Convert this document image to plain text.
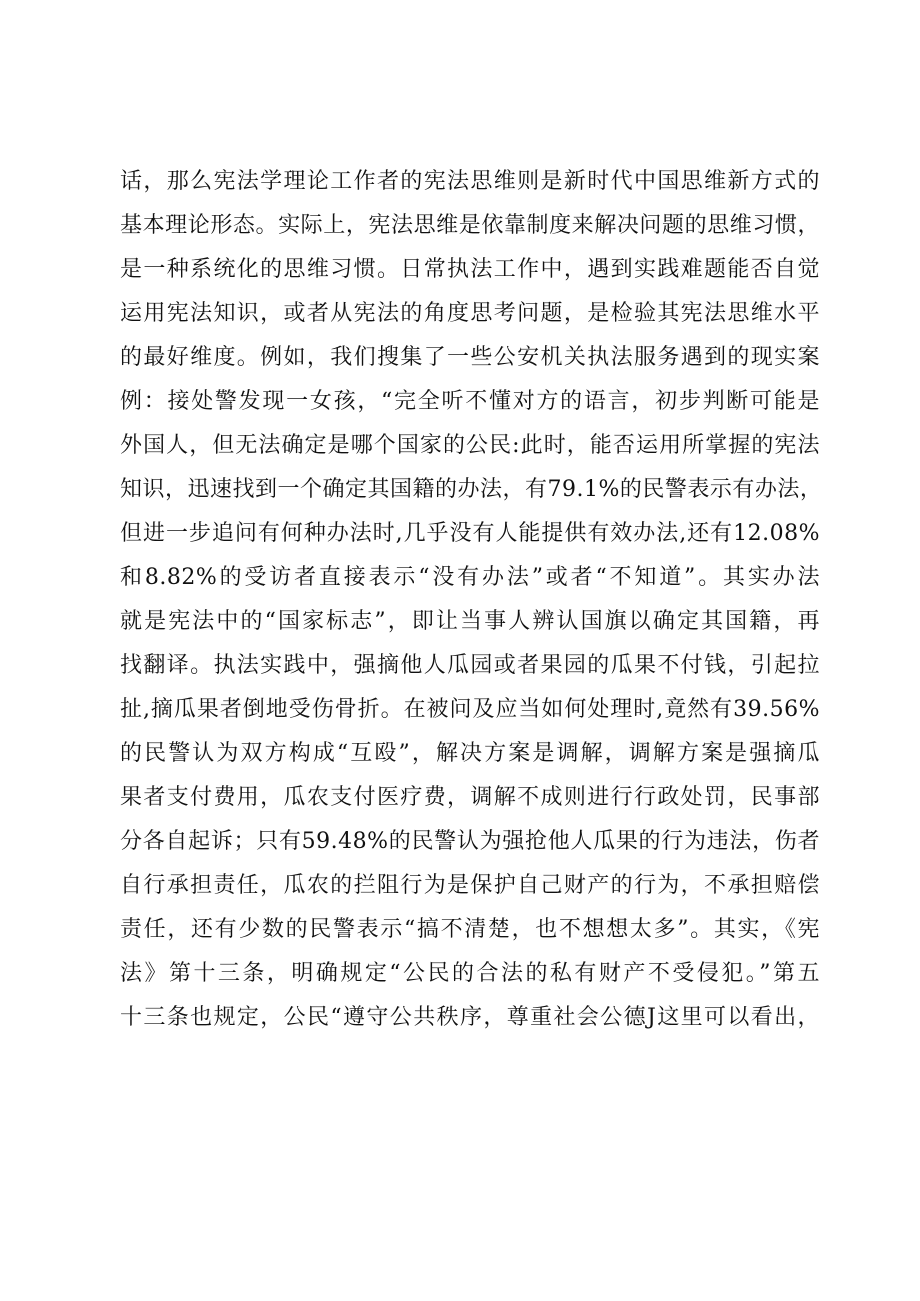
话，那么宪法学理论工作者的宪法思维则是新时代中国思维新方式的
基本理论形态。实际上，宪法思维是依靠制度来解决问题的思维习惯，
是一种系统化的思维习惯。日常执法工作中，遇到实践难题能否自觉
运用宪法知识，或者从宪法的角度思考问题，是检验其宪法思维水平
的最好维度。例如，我们搜集了一些公安机关执法服务遇到的现实案
例：接处警发现一女孩，“完全听不懂对方的语言，初步判断可能是
外国人，但无法确定是哪个国家的公民:此时，能否运用所掌握的宪法
知识，迅速找到一个确定其国籍的办法，有79.1%的民警表示有办法，
但进一步追问有何种办法时,几乎没有人能提供有效办法,还有12.08%
和8.82%的受访者直接表示“没有办法”或者“不知道”。其实办法
就是宪法中的“国家标志”，即让当事人辨认国旗以确定其国籍，再
找翻译。执法实践中，强摘他人瓜园或者果园的瓜果不付钱，引起拉
扯,摘瓜果者倒地受伤骨折。在被问及应当如何处理时,竟然有39.56%
的民警认为双方构成“互殴”，解决方案是调解，调解方案是强摘瓜
果者支付费用，瓜农支付医疗费，调解不成则进行行政处罚，民事部
分各自起诉；只有59.48%的民警认为强抢他人瓜果的行为违法，伤者
自行承担责任，瓜农的拦阻行为是保护自己财产的行为，不承担赔偿
责任，还有少数的民警表示“搞不清楚，也不想想太多”。其实，《宪
法》第十三条，明确规定“公民的合法的私有财产不受侵犯。”第五
十三条也规定，公民“遵守公共秩序，尊重社会公德J这里可以看出，
